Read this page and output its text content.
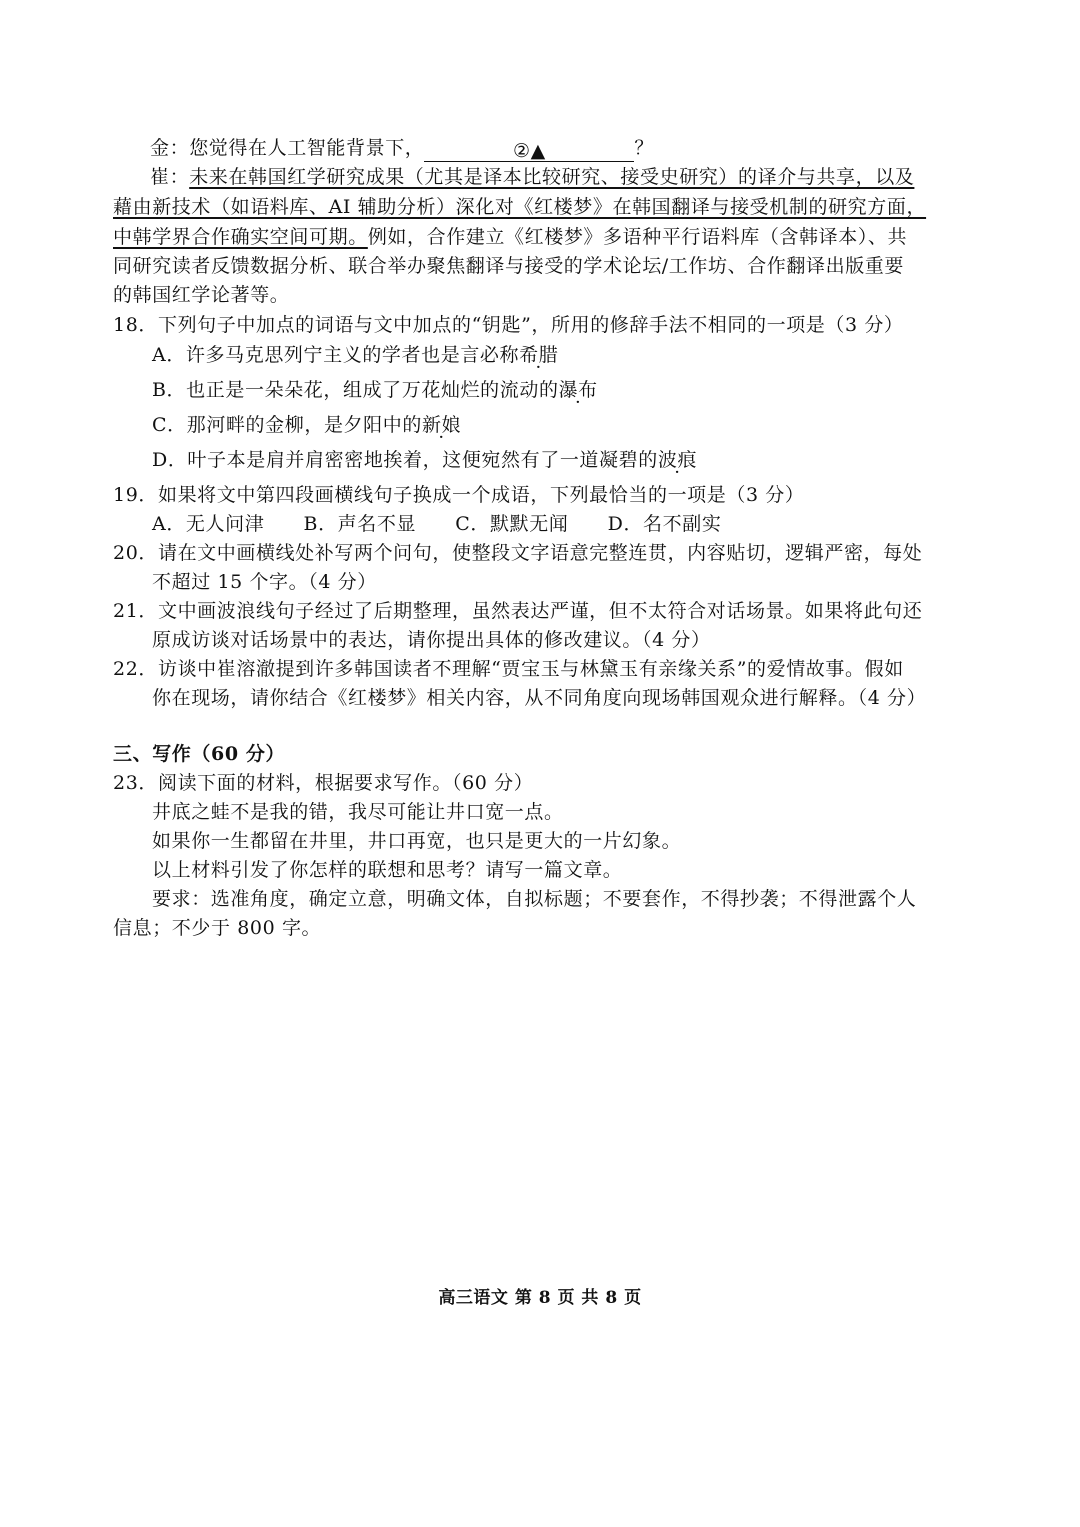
金：您觉得在人工智能背景下，	②▲	？
崔：未来在韩国红学研究成果（尤其是译本比较研究、接受史研究）的译介与共享，以及
藉由新技术（如语料库、AI 辅助分析）深化对《红楼梦》在韩国翻译与接受机制的研究方面，
中韩学界合作确实空间可期。例如，合作建立《红楼梦》多语种平行语料库（含韩译本）、共
同研究读者反馈数据分析、联合举办聚焦翻译与接受的学术论坛/工作坊、合作翻译出版重要
的韩国红学论著等。
18．下列句子中加点的词语与文中加点的“钥匙”，所用的修辞手法不相同的一项是（3 分）
A．许多马克思列宁主义的学者也是言必称希腊
B．也正是一朵朵花，组成了万花灿烂的流动的瀑布
C．那河畔的金柳，是夕阳中的新娘
D．叶子本是肩并肩密密地挨着，这便宛然有了一道凝碧的波痕
19．如果将文中第四段画横线句子换成一个成语，下列最恰当的一项是（3 分）
A．无人问津　　B．声名不显　　C．默默无闻　　D．名不副实
20．请在文中画横线处补写两个问句，使整段文字语意完整连贯，内容贴切，逻辑严密，每处
不超过 15 个字。（4 分）
21．文中画波浪线句子经过了后期整理，虽然表达严谨，但不太符合对话场景。如果将此句还
原成访谈对话场景中的表达，请你提出具体的修改建议。（4 分）
22．访谈中崔溶澈提到许多韩国读者不理解“贾宝玉与林黛玉有亲缘关系”的爱情故事。假如
你在现场，请你结合《红楼梦》相关内容，从不同角度向现场韩国观众进行解释。（4 分）
三、写作（60 分）
23．阅读下面的材料，根据要求写作。（60 分）
井底之蛙不是我的错，我尽可能让井口宽一点。
如果你一生都留在井里，井口再宽，也只是更大的一片幻象。
以上材料引发了你怎样的联想和思考？请写一篇文章。
要求：选准角度，确定立意，明确文体，自拟标题；不要套作，不得抄袭；不得泄露个人
信息；不少于 800 字。
高三语文 第 8 页 共 8 页
